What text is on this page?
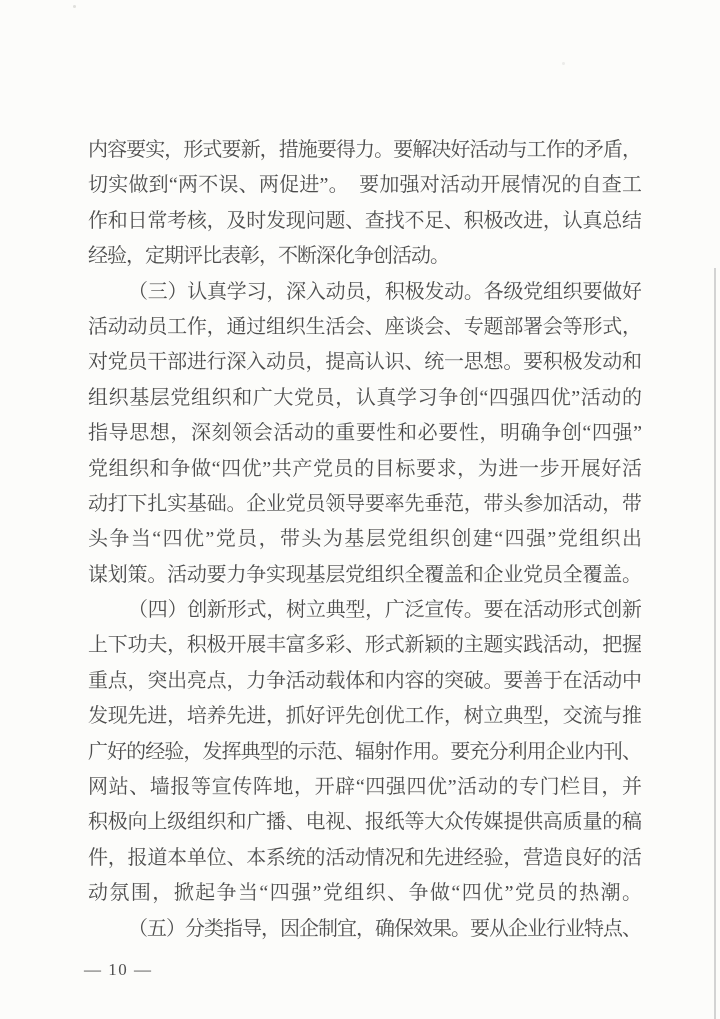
内容要实，形式要新，措施要得力。要解决好活动与工作的矛盾，
切实做到“两不误、两促进”。　要加强对活动开展情况的自查工
作和日常考核，及时发现问题、查找不足、积极改进，认真总结
经验，定期评比表彰，不断深化争创活动。
（三）认真学习，深入动员，积极发动。各级党组织要做好
活动动员工作，通过组织生活会、座谈会、专题部署会等形式，
对党员干部进行深入动员，提高认识、统一思想。要积极发动和
组织基层党组织和广大党员，认真学习争创“四强四优”活动的
指导思想，深刻领会活动的重要性和必要性，明确争创“四强”
党组织和争做“四优”共产党员的目标要求，为进一步开展好活
动打下扎实基础。企业党员领导要率先垂范，带头参加活动，带
头争当“四优”党员，带头为基层党组织创建“四强”党组织出
谋划策。活动要力争实现基层党组织全覆盖和企业党员全覆盖。
（四）创新形式，树立典型，广泛宣传。要在活动形式创新
上下功夫，积极开展丰富多彩、形式新颖的主题实践活动，把握
重点，突出亮点，力争活动载体和内容的突破。要善于在活动中
发现先进，培养先进，抓好评先创优工作，树立典型，交流与推
广好的经验，发挥典型的示范、辐射作用。要充分利用企业内刊、
网站、墙报等宣传阵地，开辟“四强四优”活动的专门栏目，并
积极向上级组织和广播、电视、报纸等大众传媒提供高质量的稿
件，报道本单位、本系统的活动情况和先进经验，营造良好的活
动氛围，掀起争当“四强”党组织、争做“四优”党员的热潮。
（五）分类指导，因企制宜，确保效果。要从企业行业特点、
— 10 —
